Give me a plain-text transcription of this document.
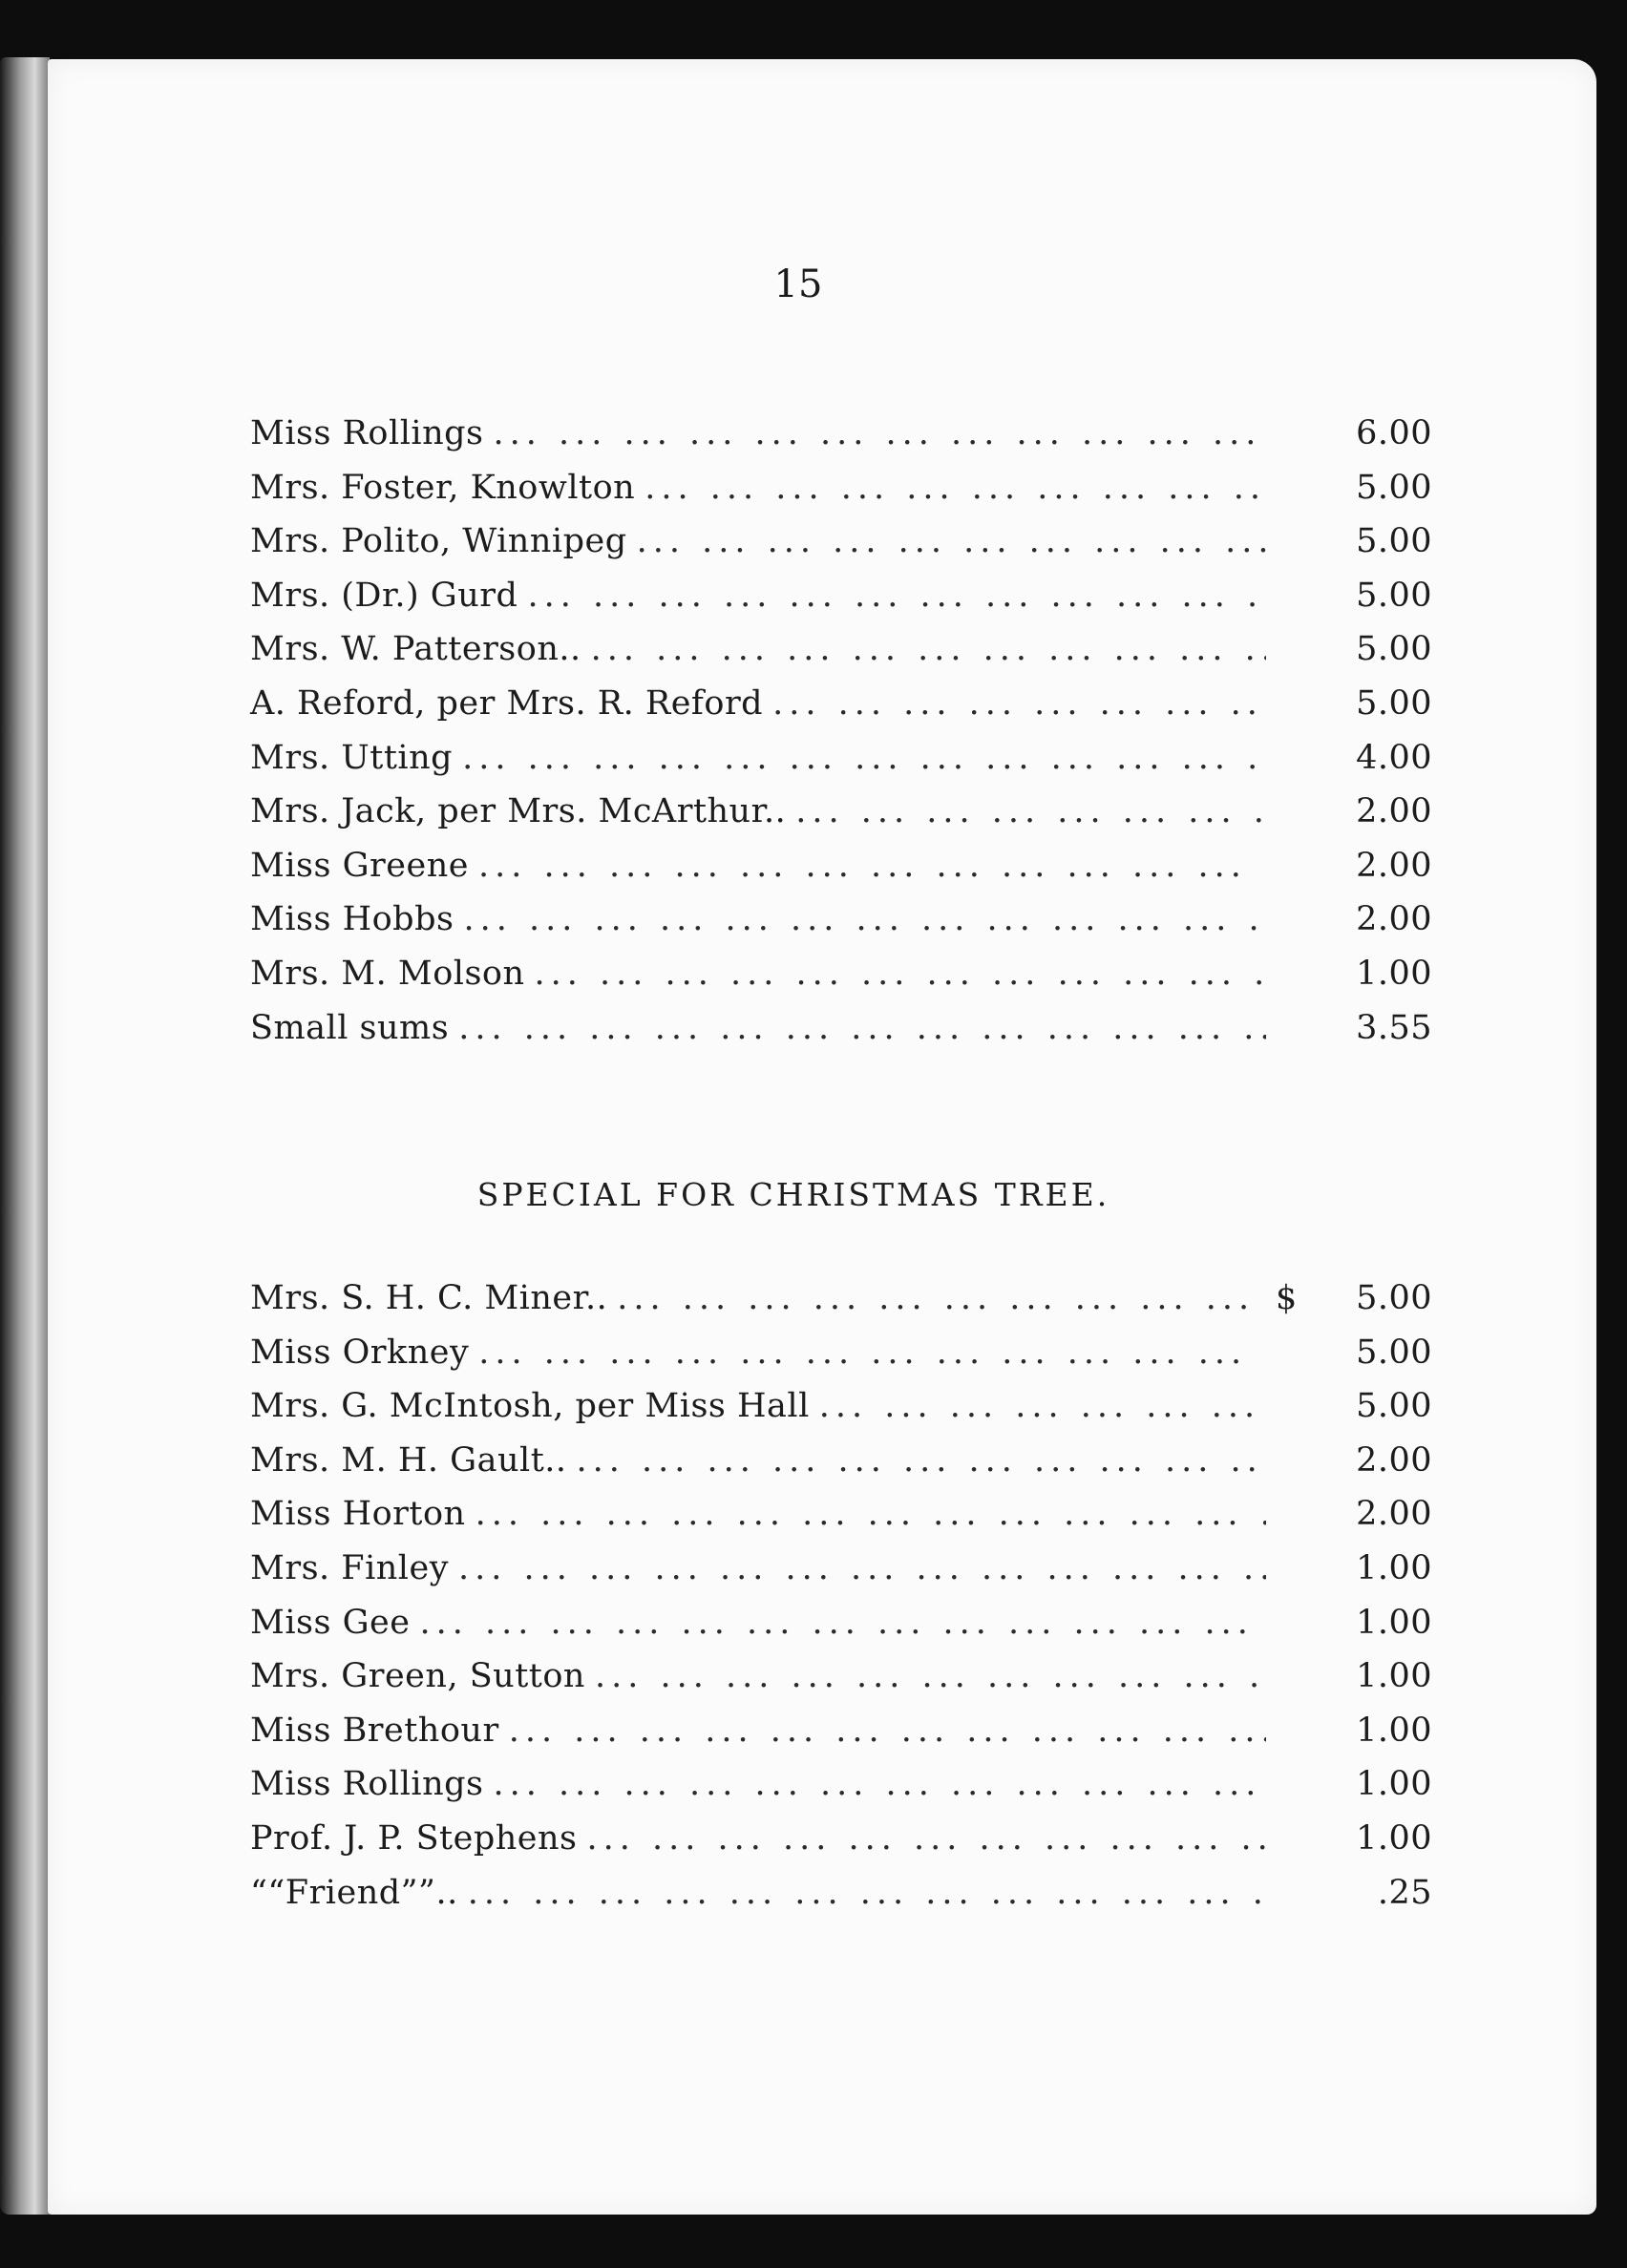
15
Miss Rollings ... .	6.00
Mrs. Foster, Knowlton ... .	5.00
Mrs. Polito, Winnipeg ... .	5.00
Mrs. (Dr.) Gurd ... .	5.00
Mrs. W. Patterson.. ... .	5.00
A. Reford, per Mrs. R. Reford ... .	5.00
Mrs. Utting ... .	4.00
Mrs. Jack, per Mrs. McArthur.. ... .	2.00
Miss Greene ... .	2.00
Miss Hobbs ... .	2.00
Mrs. M. Molson ... .	1.00
Small sums ... .	3.55
SPECIAL FOR CHRISTMAS TREE.
Mrs. S. H. C. Miner.. ... .	$	5.00
Miss Orkney ... .	5.00
Mrs. G. McIntosh, per Miss Hall ... .	5.00
Mrs. M. H. Gault.. ... .	2.00
Miss Horton ... .	2.00
Mrs. Finley ... .	1.00
Miss Gee ... .	1.00
Mrs. Green, Sutton ... .	1.00
Miss Brethour ... .	1.00
Miss Rollings ... .	1.00
Prof. J. P. Stephens ... .	1.00
““Friend””.. ... .	.25
